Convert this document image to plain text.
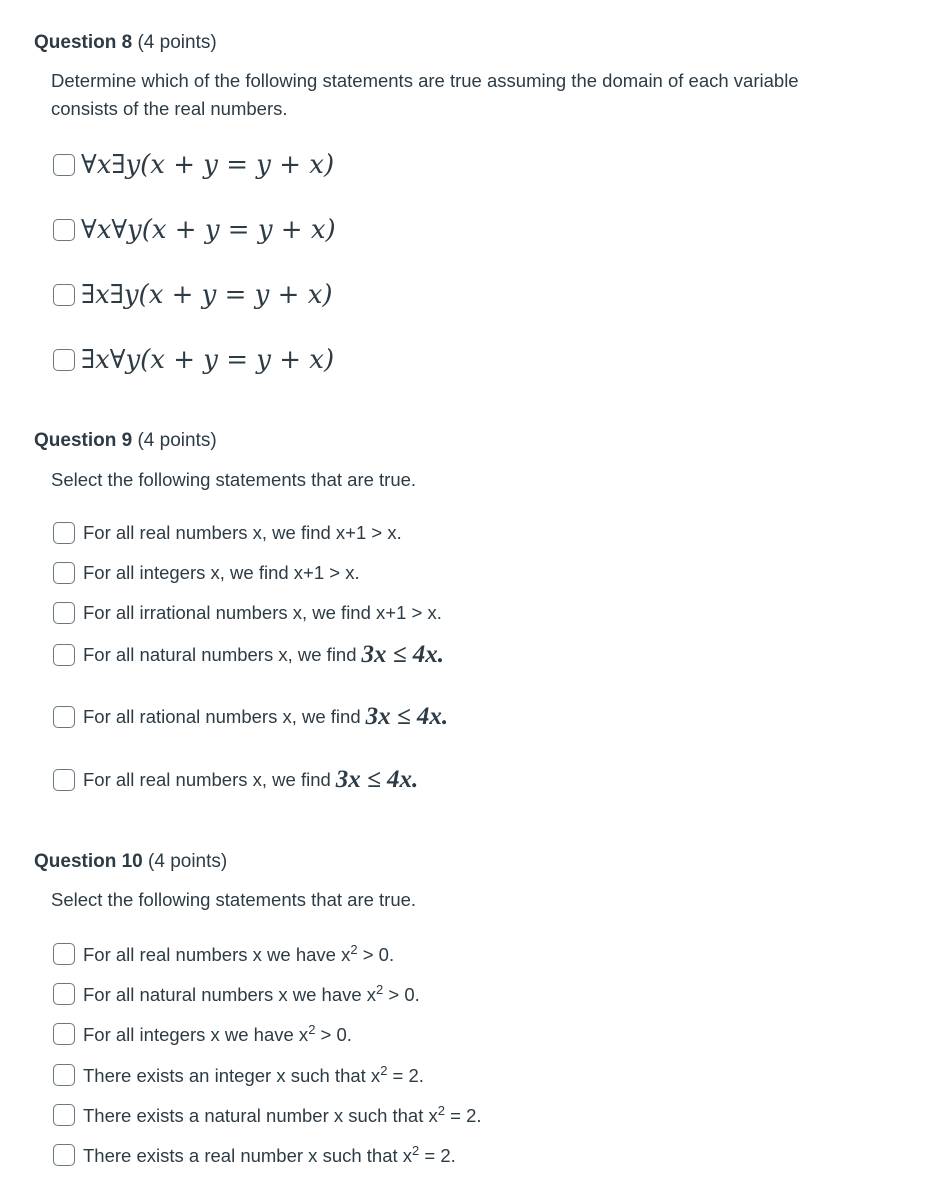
Question 8 (4 points)
Determine which of the following statements are true assuming the domain of each variable consists of the real numbers.
∀x∃y(x + y = y + x)
∀x∀y(x + y = y + x)
∃x∃y(x + y = y + x)
∃x∀y(x + y = y + x)
Question 9 (4 points)
Select the following statements that are true.
For all real numbers x, we find x+1 > x.
For all integers x, we find x+1 > x.
For all irrational numbers x, we find x+1 > x.
For all natural numbers x, we find 3x ≤ 4x.
For all rational numbers x, we find 3x ≤ 4x.
For all real numbers x, we find 3x ≤ 4x.
Question 10 (4 points)
Select the following statements that are true.
For all real numbers x we have $x^2 > 0$.
For all natural numbers x we have $x^2 > 0$.
For all integers x we have $x^2 > 0$.
There exists an integer x such that $x^2 = 2$.
There exists a natural number x such that $x^2 = 2$.
There exists a real number x such that $x^2 = 2$.
